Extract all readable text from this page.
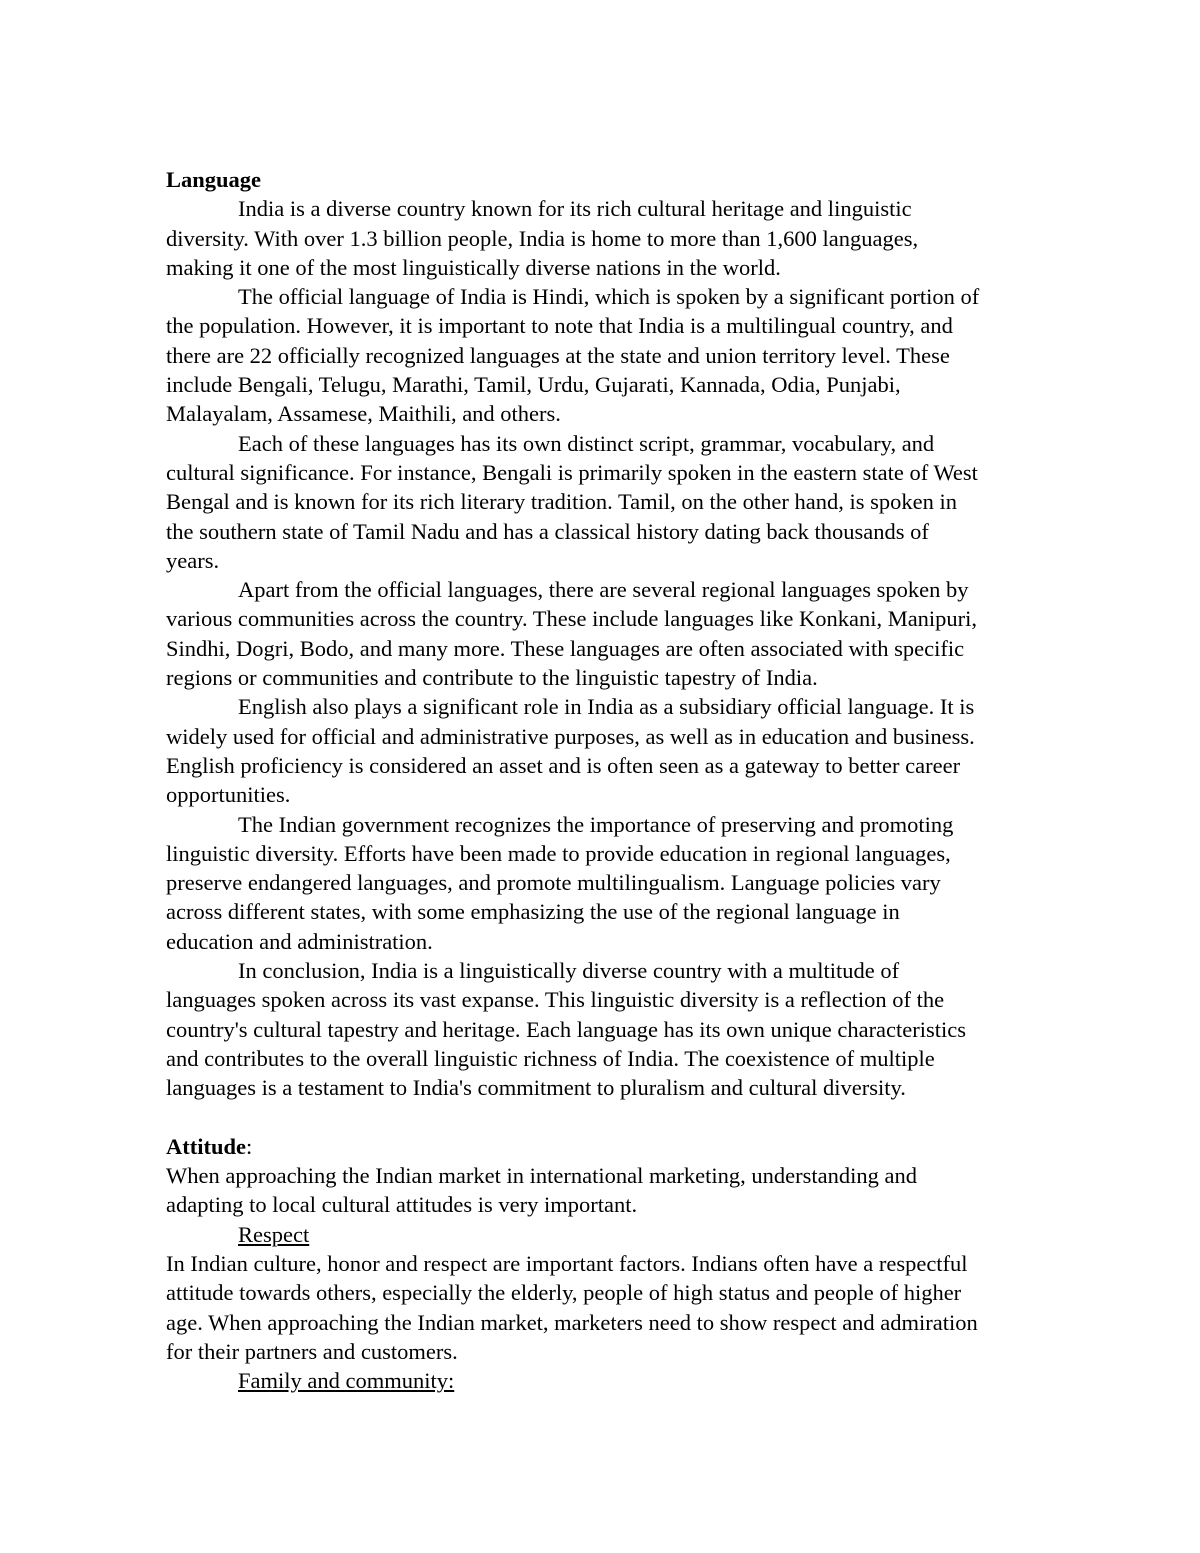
Language
India is a diverse country known for its rich cultural heritage and linguistic
diversity. With over 1.3 billion people, India is home to more than 1,600 languages,
making it one of the most linguistically diverse nations in the world.
The official language of India is Hindi, which is spoken by a significant portion of
the population. However, it is important to note that India is a multilingual country, and
there are 22 officially recognized languages at the state and union territory level. These
include Bengali, Telugu, Marathi, Tamil, Urdu, Gujarati, Kannada, Odia, Punjabi,
Malayalam, Assamese, Maithili, and others.
Each of these languages has its own distinct script, grammar, vocabulary, and
cultural significance. For instance, Bengali is primarily spoken in the eastern state of West
Bengal and is known for its rich literary tradition. Tamil, on the other hand, is spoken in
the southern state of Tamil Nadu and has a classical history dating back thousands of
years.
Apart from the official languages, there are several regional languages spoken by
various communities across the country. These include languages like Konkani, Manipuri,
Sindhi, Dogri, Bodo, and many more. These languages are often associated with specific
regions or communities and contribute to the linguistic tapestry of India.
English also plays a significant role in India as a subsidiary official language. It is
widely used for official and administrative purposes, as well as in education and business.
English proficiency is considered an asset and is often seen as a gateway to better career
opportunities.
The Indian government recognizes the importance of preserving and promoting
linguistic diversity. Efforts have been made to provide education in regional languages,
preserve endangered languages, and promote multilingualism. Language policies vary
across different states, with some emphasizing the use of the regional language in
education and administration.
In conclusion, India is a linguistically diverse country with a multitude of
languages spoken across its vast expanse. This linguistic diversity is a reflection of the
country's cultural tapestry and heritage. Each language has its own unique characteristics
and contributes to the overall linguistic richness of India. The coexistence of multiple
languages is a testament to India's commitment to pluralism and cultural diversity.
Attitude:
When approaching the Indian market in international marketing, understanding and
adapting to local cultural attitudes is very important.
Respect
In Indian culture, honor and respect are important factors. Indians often have a respectful
attitude towards others, especially the elderly, people of high status and people of higher
age. When approaching the Indian market, marketers need to show respect and admiration
for their partners and customers.
Family and community:
